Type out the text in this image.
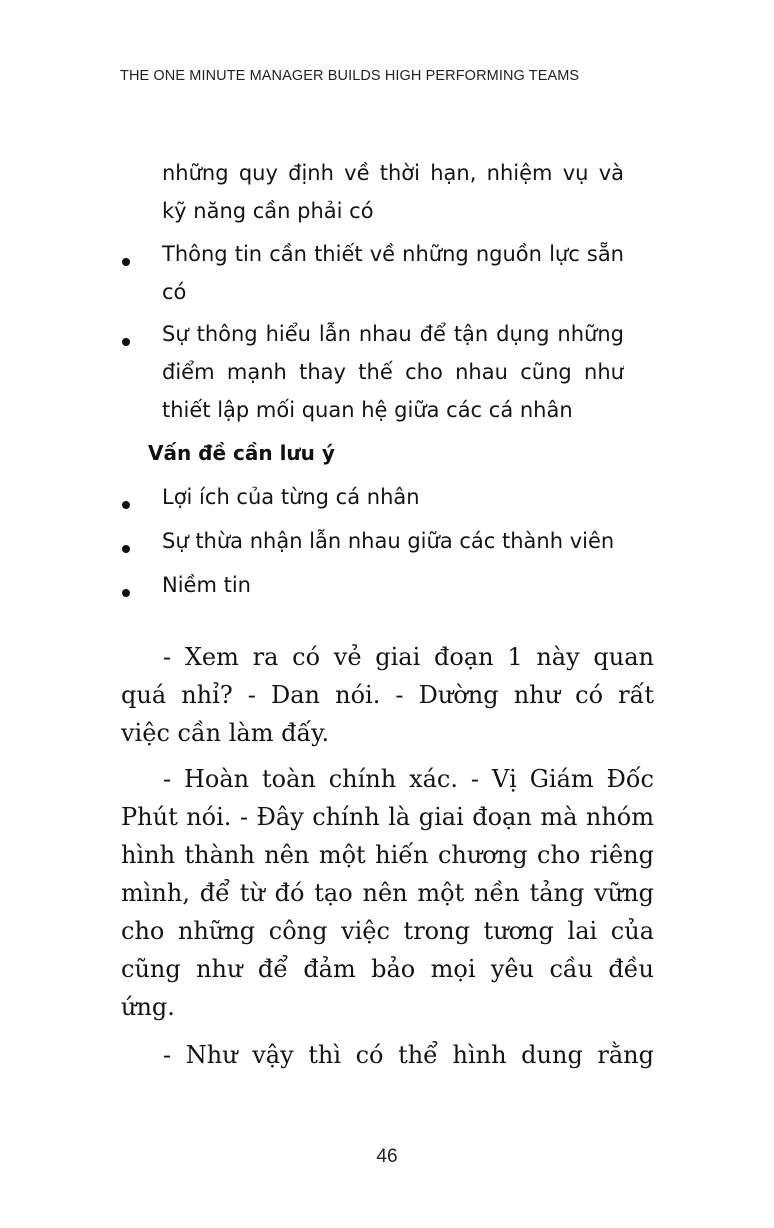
THE ONE MINUTE MANAGER BUILDS HIGH PERFORMING TEAMS
những quy định về thời hạn, nhiệm vụ và
kỹ năng cần phải có
Thông tin cần thiết về những nguồn lực sẵn
có
Sự thông hiểu lẫn nhau để tận dụng những
điểm mạnh thay thế cho nhau cũng như
thiết lập mối quan hệ giữa các cá nhân
Vấn đề cần lưu ý
Lợi ích của từng cá nhân
Sự thừa nhận lẫn nhau giữa các thành viên
Niềm tin
- Xem ra có vẻ giai đoạn 1 này quan
quá nhỉ? - Dan nói. - Dường như có rất
việc cần làm đấy.
- Hoàn toàn chính xác. - Vị Giám Đốc
Phút nói. - Đây chính là giai đoạn mà nhóm
hình thành nên một hiến chương cho riêng
mình, để từ đó tạo nên một nền tảng vững
cho những công việc trong tương lai của
cũng như để đảm bảo mọi yêu cầu đều
ứng.
- Như vậy thì có thể hình dung rằng
46
